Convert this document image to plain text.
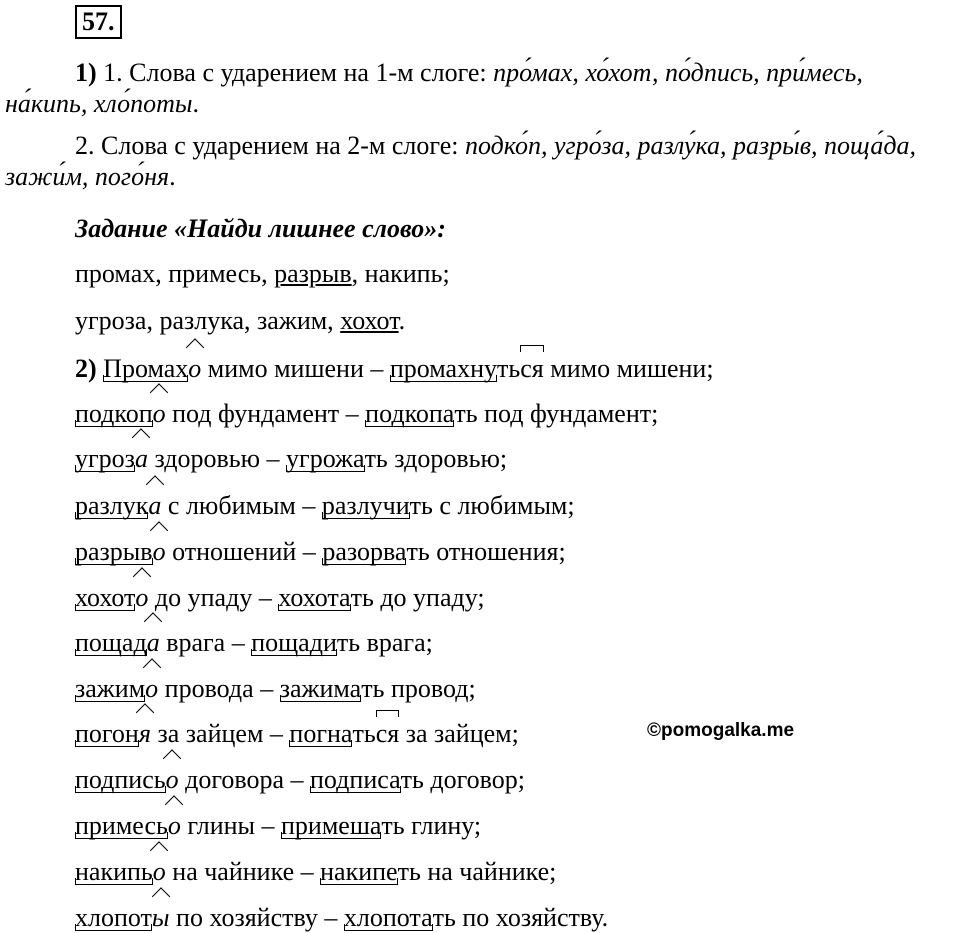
57.
1) 1. Слова с ударением на 1-м слоге: про́мах, хо́хот, по́дпись, при́месь, на́кипь, хло́поты.
2. Слова с ударением на 2-м слоге: подко́п, угро́за, разлу́ка, разры́в, поща́да, зажи́м, пого́ня.
Задание «Найди лишнее слово»:
промах, примесь, разрыв, накипь;
угроза, разлука, зажим, хохот.
2) Промахо мимо мишени – промахнуться мимо мишени;
подкопо под фундамент – подкопать под фундамент;
угроза здоровью – угрожать здоровью;
разлука с любимым – разлучить с любимым;
разрыво отношений – разорвать отношения;
хохото до упаду – хохотать до упаду;
пощада врага – пощадить врага;
зажимо провода – зажимать провод;
погоня за зайцем – погнаться за зайцем;
подписьо договора – подписать договор;
примесьо глины – примешать глину;
накипьо на чайнике – накипеть на чайнике;
хлопоты по хозяйству – хлопотать по хозяйству.
©pomogalka.me
